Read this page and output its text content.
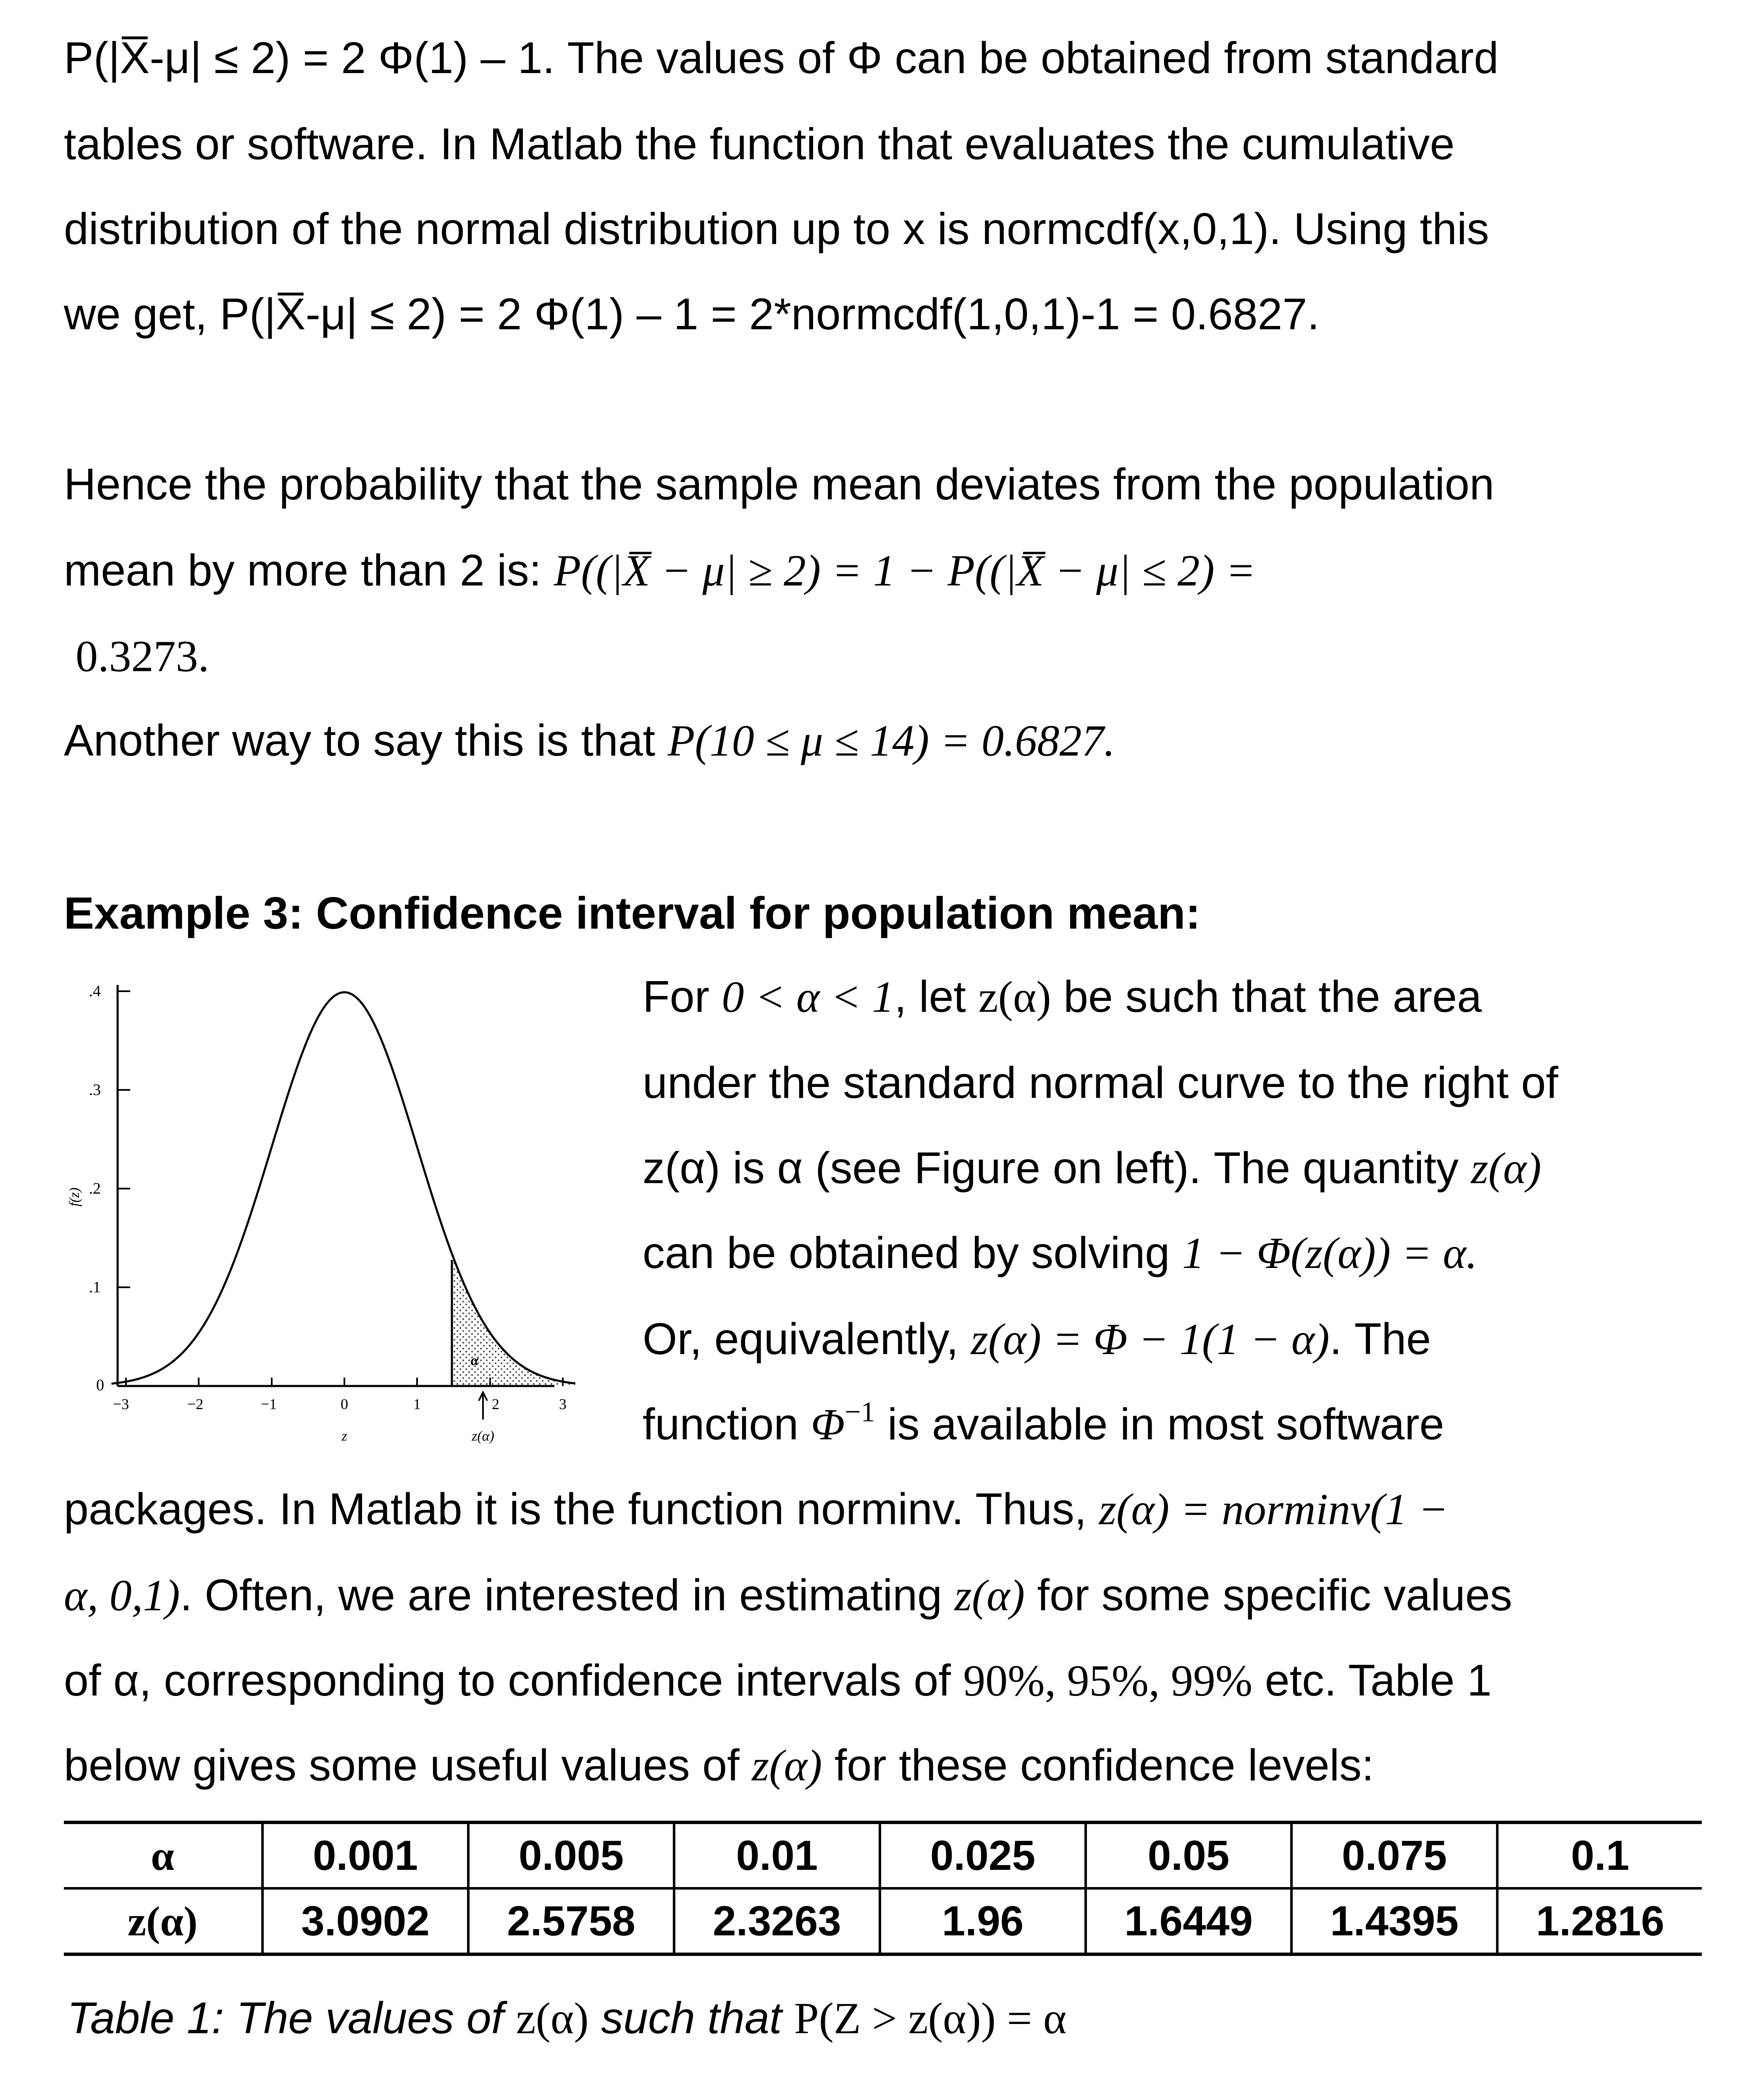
P(|X̅-μ| ≤ 2) = 2 Φ(1) – 1. The values of Φ can be obtained from standard
tables or software. In Matlab the function that evaluates the cumulative
distribution of the normal distribution up to x is normcdf(x,0,1). Using this
we get, P(|X̅-μ| ≤ 2) = 2 Φ(1) – 1 = 2*normcdf(1,0,1)-1 = 0.6827.
Hence the probability that the sample mean deviates from the population
mean by more than 2 is: P((|X̅ − μ| ≥ 2) = 1 − P((|X̅ − μ| ≤ 2) =
0.3273.
Another way to say this is that P(10 ≤ μ ≤ 14) = 0.6827.
Example 3: Confidence interval for population mean:
.4
.3
.2
.1
0
−3	−2	−1	0	1	2	3
z	z(α)
f(z)
α
For 0 < α < 1, let z(α) be such that the area
under the standard normal curve to the right of
z(α) is α (see Figure on left). The quantity z(α)
can be obtained by solving 1 − Φ(z(α)) = α.
Or, equivalently, z(α) = Φ − 1(1 − α). The
function $\Phi^{-1}$ is available in most software
packages. In Matlab it is the function norminv. Thus, z(α) = norminv(1 −
α, 0,1). Often, we are interested in estimating z(α) for some specific values
of α, corresponding to confidence intervals of 90%, 95%, 99% etc. Table 1
below gives some useful values of z(α) for these confidence levels:
α	0.001	0.005	0.01	0.025	0.05	0.075	0.1
z(α)	3.0902	2.5758	2.3263	1.96	1.6449	1.4395	1.2816
Table 1: The values of z(α) such that P(Z > z(α)) = α
